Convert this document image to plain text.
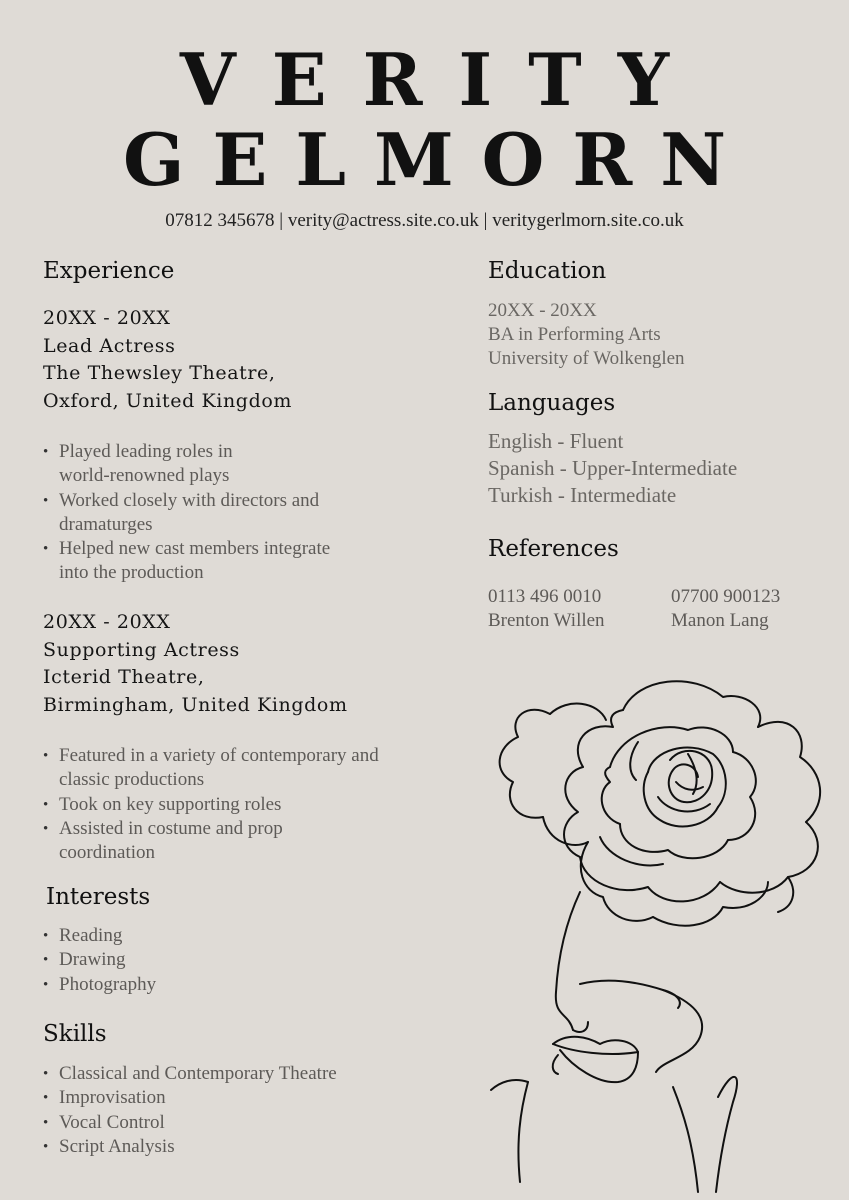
VERITY
GELMORN
07812 345678 | verity@actress.site.co.uk | veritygerlmorn.site.co.uk
Experience
20XX - 20XX
Lead Actress
The Thewsley Theatre,
Oxford, United Kingdom
• Played leading roles in
world-renowned plays
• Worked closely with directors and
dramaturges
• Helped new cast members integrate
into the production
20XX - 20XX
Supporting Actress
Icterid Theatre,
Birmingham, United Kingdom
• Featured in a variety of contemporary and
classic productions
• Took on key supporting roles
• Assisted in costume and prop
coordination
Interests
• Reading
• Drawing
• Photography
Skills
• Classical and Contemporary Theatre
• Improvisation
• Vocal Control
• Script Analysis
Education
20XX - 20XX
BA in Performing Arts
University of Wolkenglen
Languages
English - Fluent
Spanish - Upper-Intermediate
Turkish - Intermediate
References
0113 496 0010
Brenton Willen
07700 900123
Manon Lang
